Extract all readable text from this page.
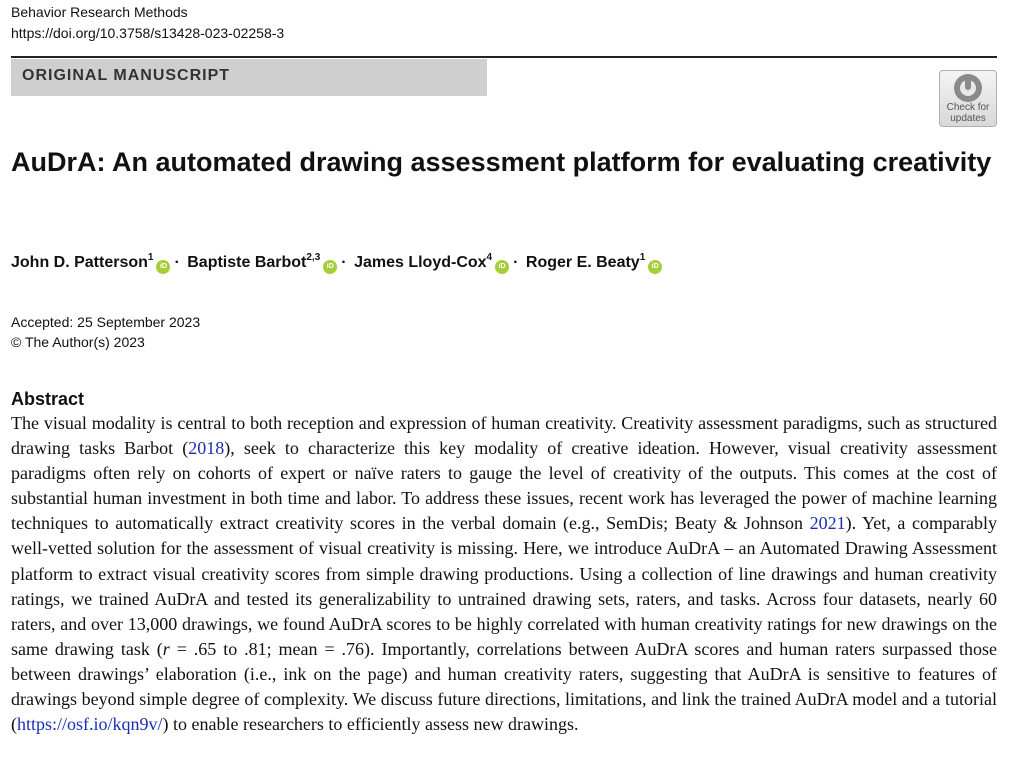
Behavior Research Methods
https://doi.org/10.3758/s13428-023-02258-3
ORIGINAL MANUSCRIPT
Check for
updates
AuDrA: An automated drawing assessment platform for evaluating creativity
John D. Patterson$^1$iD · Baptiste Barbot$^{2,3}$iD · James Lloyd-Cox$^4$iD · Roger E. Beaty$^1$iD
Accepted: 25 September 2023
© The Author(s) 2023
Abstract
The visual modality is central to both reception and expression of human creativity. Creativity assessment paradigms, such as structured drawing tasks Barbot (2018), seek to characterize this key modality of creative ideation. However, visual creativity assessment paradigms often rely on cohorts of expert or naïve raters to gauge the level of creativity of the outputs. This comes at the cost of substantial human investment in both time and labor. To address these issues, recent work has leveraged the power of machine learning techniques to automatically extract creativity scores in the verbal domain (e.g., SemDis; Beaty & Johnson 2021). Yet, a comparably well-vetted solution for the assessment of visual creativity is missing. Here, we introduce AuDrA – an Automated Drawing Assessment platform to extract visual creativity scores from simple drawing productions. Using a collection of line drawings and human creativity ratings, we trained AuDrA and tested its generalizability to untrained drawing sets, raters, and tasks. Across four datasets, nearly 60 raters, and over 13,000 drawings, we found AuDrA scores to be highly correlated with human creativity ratings for new drawings on the same drawing task (r = .65 to .81; mean = .76). Importantly, correlations between AuDrA scores and human raters surpassed those between drawings’ elaboration (i.e., ink on the page) and human creativity raters, suggesting that AuDrA is sensitive to features of drawings beyond simple degree of complexity. We discuss future directions, limitations, and link the trained AuDrA model and a tutorial (https://osf.io/kqn9v/) to enable researchers to efficiently assess new drawings.
